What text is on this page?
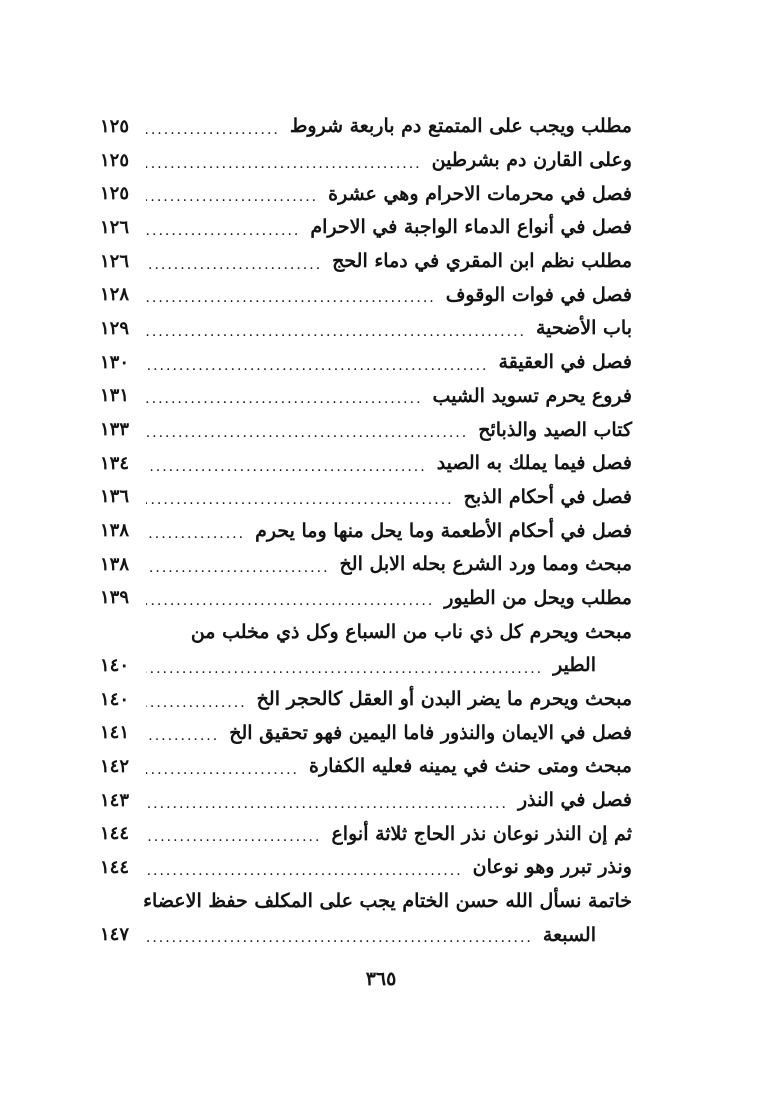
مطلب ويجب على المتمتع دم باربعة شروط
.....
١٢٥
وعلى القارن دم بشرطين
.....
١٢٥
فصل في محرمات الاحرام وهي عشرة
.....
١٢٥
فصل في أنواع الدماء الواجبة في الاحرام
.....
١٢٦
مطلب نظم ابن المقري في دماء الحج
.....
١٢٦
فصل في فوات الوقوف
.....
١٢٨
باب الأضحية
.....
١٢٩
فصل في العقيقة
.....
١٣٠
فروع يحرم تسويد الشيب
.....
١٣١
كتاب الصيد والذبائح
.....
١٣٣
فصل فيما يملك به الصيد
.....
١٣٤
فصل في أحكام الذبح
.....
١٣٦
فصل في أحكام الأطعمة وما يحل منها وما يحرم
.....
١٣٨
مبحث ومما ورد الشرع بحله الابل الخ
.....
١٣٨
مطلب ويحل من الطيور
.....
١٣٩
مبحث ويحرم كل ذي ناب من السباع وكل ذي مخلب من
الطير
.....
١٤٠
مبحث ويحرم ما يضر البدن أو العقل كالحجر الخ
.....
١٤٠
فصل في الايمان والنذور فاما اليمين فهو تحقيق الخ
.....
١٤١
مبحث ومتى حنث في يمينه فعليه الكفارة
.....
١٤٢
فصل في النذر
.....
١٤٣
ثم إن النذر نوعان نذر الحاج ثلاثة أنواع
.....
١٤٤
ونذر تبرر وهو نوعان
.....
١٤٤
خاتمة نسأل الله حسن الختام يجب على المكلف حفظ الاعضاء
السبعة
.....
١٤٧
٣٦٥
